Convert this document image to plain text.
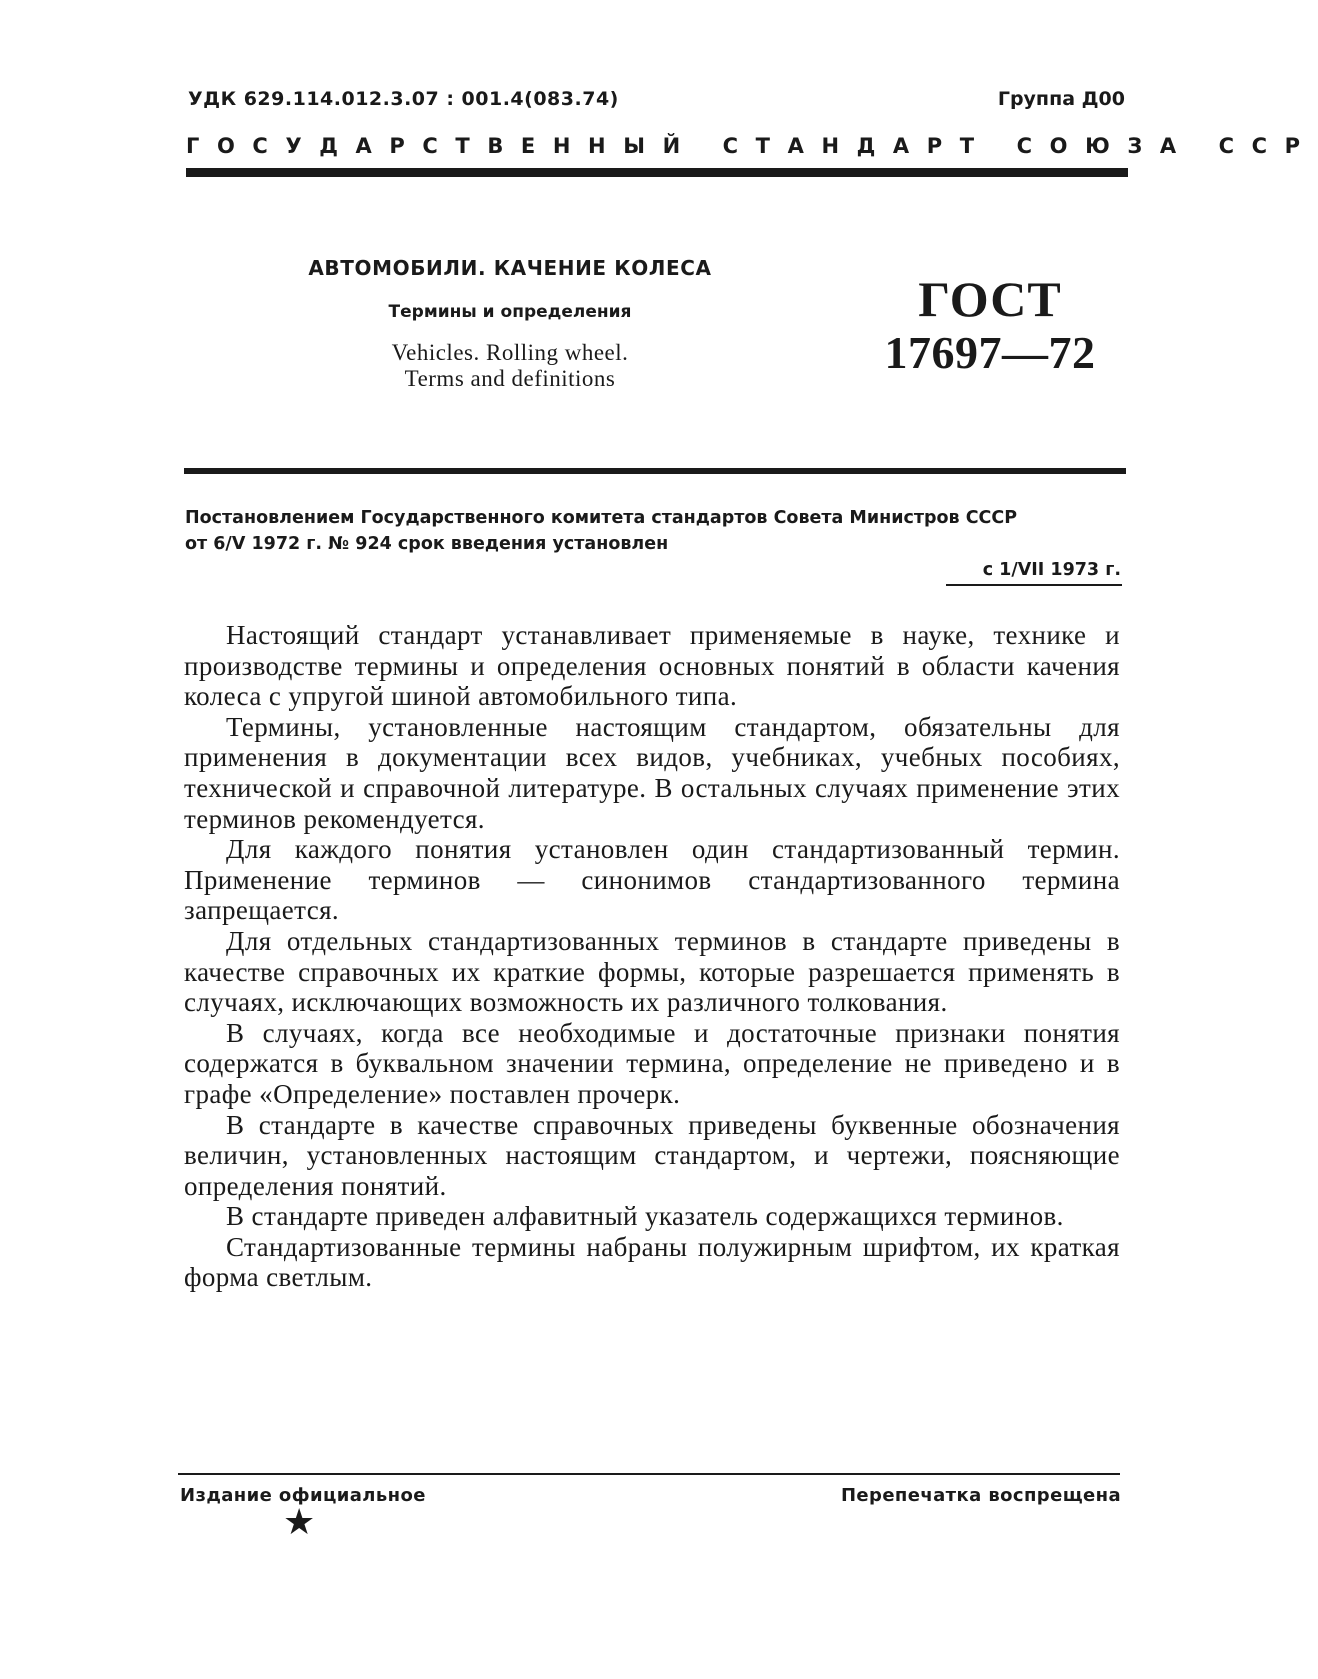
УДК 629.114.012.3.07 : 001.4(083.74)	Группа Д00
ГОСУДАРСТВЕННЫЙ СТАНДАРТ СОЮЗА ССР
АВТОМОБИЛИ. КАЧЕНИЕ КОЛЕСА
Термины и определения
Vehicles. Rolling wheel.
Terms and definitions
ГОСТ
17697—72
Постановлением Государственного комитета стандартов Совета Министров СССР
от 6/V 1972 г. № 924 срок введения установлен
с 1/VII 1973 г.

Настоящий стандарт устанавливает применяемые в науке, технике и производстве термины и определения основных понятий в области качения колеса с упругой шиной автомобильного типа.

Термины, установленные настоящим стандартом, обязательны для применения в документации всех видов, учебниках, учебных пособиях, технической и справочной литературе. В остальных случаях применение этих терминов рекомендуется.

Для каждого понятия установлен один стандартизованный термин. Применение терминов — синонимов стандартизованного термина запрещается.

Для отдельных стандартизованных терминов в стандарте приведены в качестве справочных их краткие формы, которые разрешается применять в случаях, исключающих возможность их различного толкования.

В случаях, когда все необходимые и достаточные признаки понятия содержатся в буквальном значении термина, определение не приведено и в графе «Определение» поставлен прочерк.

В стандарте в качестве справочных приведены буквенные обозначения величин, установленных настоящим стандартом, и чертежи, поясняющие определения понятий.

В стандарте приведен алфавитный указатель содержащихся терминов.

Стандартизованные термины набраны полужирным шрифтом, их краткая форма светлым.

Издание официальное	Перепечатка воспрещена
★
